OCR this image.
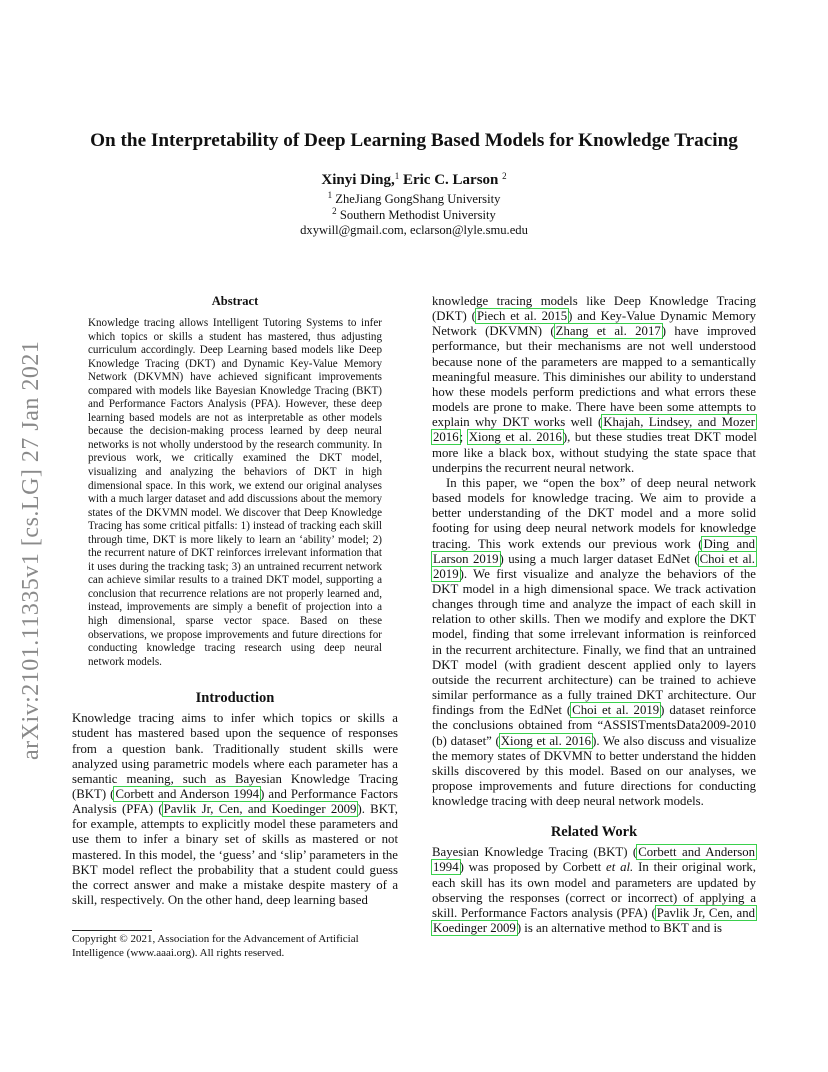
arXiv:2101.11335v1 [cs.LG] 27 Jan 2021
On the Interpretability of Deep Learning Based Models for Knowledge Tracing
Xinyi Ding,$^1$ Eric C. Larson $^2$
$^1$ ZheJiang GongShang University
$^2$ Southern Methodist University
dxywill@gmail.com, eclarson@lyle.smu.edu
Abstract

Knowledge tracing allows Intelligent Tutoring Systems to infer which topics or skills a student has mastered, thus adjusting curriculum accordingly. Deep Learning based models like Deep Knowledge Tracing (DKT) and Dynamic Key-Value Memory Network (DKVMN) have achieved significant improvements compared with models like Bayesian Knowledge Tracing (BKT) and Performance Factors Analysis (PFA). However, these deep learning based models are not as interpretable as other models because the decision-making process learned by deep neural networks is not wholly understood by the research community. In previous work, we critically examined the DKT model, visualizing and analyzing the behaviors of DKT in high dimensional space. In this work, we extend our original analyses with a much larger dataset and add discussions about the memory states of the DKVMN model. We discover that Deep Knowledge Tracing has some critical pitfalls: 1) instead of tracking each skill through time, DKT is more likely to learn an ‘ability’ model; 2) the recurrent nature of DKT reinforces irrelevant information that it uses during the tracking task; 3) an untrained recurrent network can achieve similar results to a trained DKT model, supporting a conclusion that recurrence relations are not properly learned and, instead, improvements are simply a benefit of projection into a high dimensional, sparse vector space. Based on these observations, we propose improvements and future directions for conducting knowledge tracing research using deep neural network models.

Introduction

Knowledge tracing aims to infer which topics or skills a student has mastered based upon the sequence of responses from a question bank. Traditionally student skills were analyzed using parametric models where each parameter has a semantic meaning, such as Bayesian Knowledge Tracing (BKT) (Corbett and Anderson 1994) and Performance Factors Analysis (PFA) (Pavlik Jr, Cen, and Koedinger 2009). BKT, for example, attempts to explicitly model these parameters and use them to infer a binary set of skills as mastered or not mastered. In this model, the ‘guess’ and ‘slip’ parameters in the BKT model reflect the probability that a student could guess the correct answer and make a mistake despite mastery of a skill, respectively. On the other hand, deep learning based

Copyright © 2021, Association for the Advancement of Artificial Intelligence (www.aaai.org). All rights reserved.

knowledge tracing models like Deep Knowledge Tracing (DKT) (Piech et al. 2015) and Key-Value Dynamic Memory Network (DKVMN) (Zhang et al. 2017) have improved performance, but their mechanisms are not well understood because none of the parameters are mapped to a semantically meaningful measure. This diminishes our ability to understand how these models perform predictions and what errors these models are prone to make. There have been some attempts to explain why DKT works well (Khajah, Lindsey, and Mozer 2016; Xiong et al. 2016), but these studies treat DKT model more like a black box, without studying the state space that underpins the recurrent neural network.

In this paper, we “open the box” of deep neural network based models for knowledge tracing. We aim to provide a better understanding of the DKT model and a more solid footing for using deep neural network models for knowledge tracing. This work extends our previous work (Ding and Larson 2019) using a much larger dataset EdNet (Choi et al. 2019). We first visualize and analyze the behaviors of the DKT model in a high dimensional space. We track activation changes through time and analyze the impact of each skill in relation to other skills. Then we modify and explore the DKT model, finding that some irrelevant information is reinforced in the recurrent architecture. Finally, we find that an untrained DKT model (with gradient descent applied only to layers outside the recurrent architecture) can be trained to achieve similar performance as a fully trained DKT architecture. Our findings from the EdNet (Choi et al. 2019) dataset reinforce the conclusions obtained from “ASSISTmentsData2009-2010 (b) dataset” (Xiong et al. 2016). We also discuss and visualize the memory states of DKVMN to better understand the hidden skills discovered by this model. Based on our analyses, we propose improvements and future directions for conducting knowledge tracing with deep neural network models.

Related Work

Bayesian Knowledge Tracing (BKT) (Corbett and Anderson 1994) was proposed by Corbett et al. In their original work, each skill has its own model and parameters are updated by observing the responses (correct or incorrect) of applying a skill. Performance Factors analysis (PFA) (Pavlik Jr, Cen, and Koedinger 2009) is an alternative method to BKT and is
